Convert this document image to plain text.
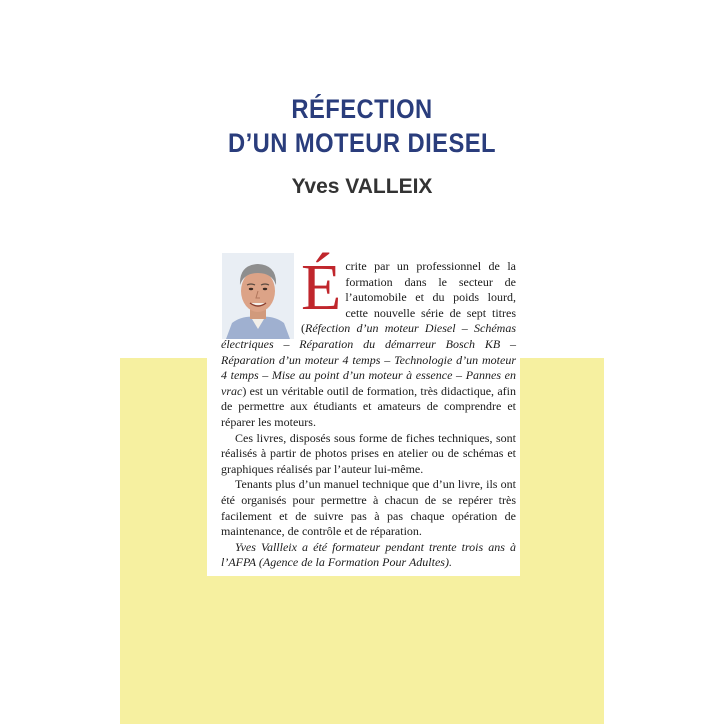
RÉFECTION
D’UN MOTEUR DIESEL
Yves VALLEIX

Écrite par un professionnel de la formation dans le secteur de l’automobile et du poids lourd, cette nouvelle série de sept titres (Réfection d’un moteur Diesel – Schémas électriques – Réparation du démarreur Bosch KB – Réparation d’un moteur 4 temps – Technologie d’un moteur 4 temps – Mise au point d’un moteur à essence – Pannes en vrac) est un véritable outil de formation, très didactique, afin de permettre aux étudiants et amateurs de comprendre et réparer les moteurs.

Ces livres, disposés sous forme de fiches techniques, sont réalisés à partir de photos prises en atelier ou de schémas et graphiques réalisés par l’auteur lui-même.

Tenants plus d’un manuel technique que d’un livre, ils ont été organisés pour permettre à chacun de se repérer très facilement et de suivre pas à pas chaque opération de maintenance, de contrôle et de réparation.

Yves Vallleix a été formateur pendant trente trois ans à l’AFPA (Agence de la Formation Pour Adultes).
